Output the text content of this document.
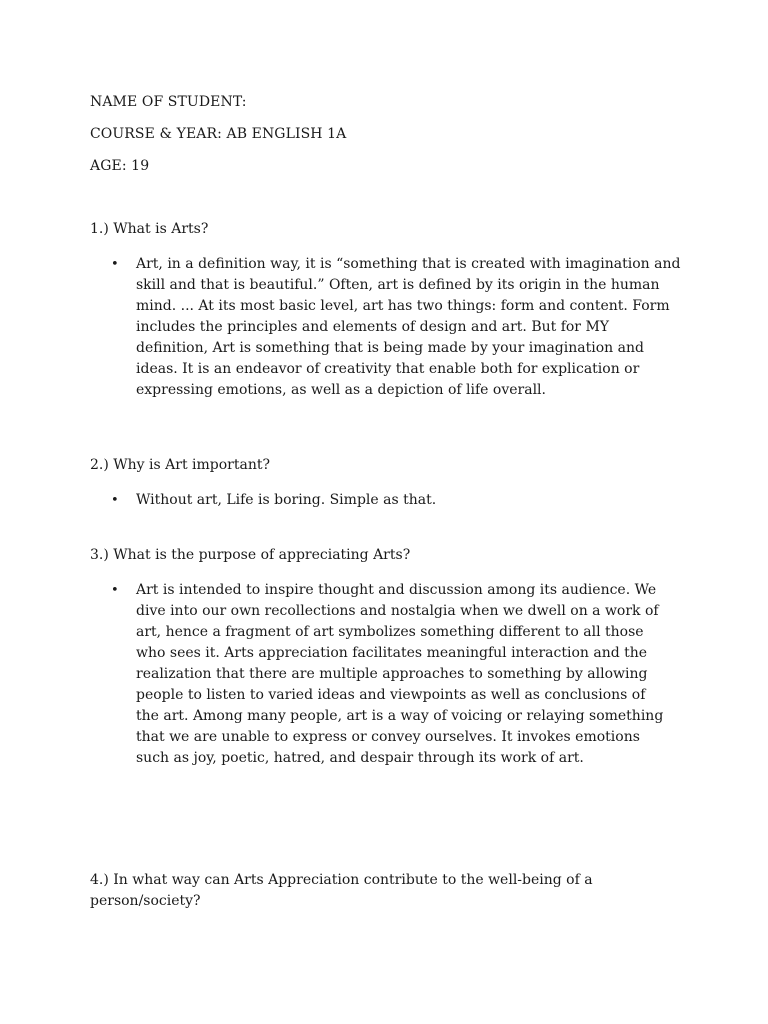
NAME OF STUDENT:
COURSE & YEAR: AB ENGLISH 1A
AGE: 19
1.) What is Arts?
• Art, in a definition way, it is “something that is created with imagination and skill and that is beautiful.” Often, art is defined by its origin in the human mind. ... At its most basic level, art has two things: form and content. Form includes the principles and elements of design and art. But for MY definition, Art is something that is being made by your imagination and ideas. It is an endeavor of creativity that enable both for explication or expressing emotions, as well as a depiction of life overall.
2.) Why is Art important?
• Without art, Life is boring. Simple as that.
3.) What is the purpose of appreciating Arts?
• Art is intended to inspire thought and discussion among its audience. We dive into our own recollections and nostalgia when we dwell on a work of art, hence a fragment of art symbolizes something different to all those who sees it. Arts appreciation facilitates meaningful interaction and the realization that there are multiple approaches to something by allowing people to listen to varied ideas and viewpoints as well as conclusions of the art. Among many people, art is a way of voicing or relaying something that we are unable to express or convey ourselves. It invokes emotions such as joy, poetic, hatred, and despair through its work of art.
4.) In what way can Arts Appreciation contribute to the well-being of a person/society?
